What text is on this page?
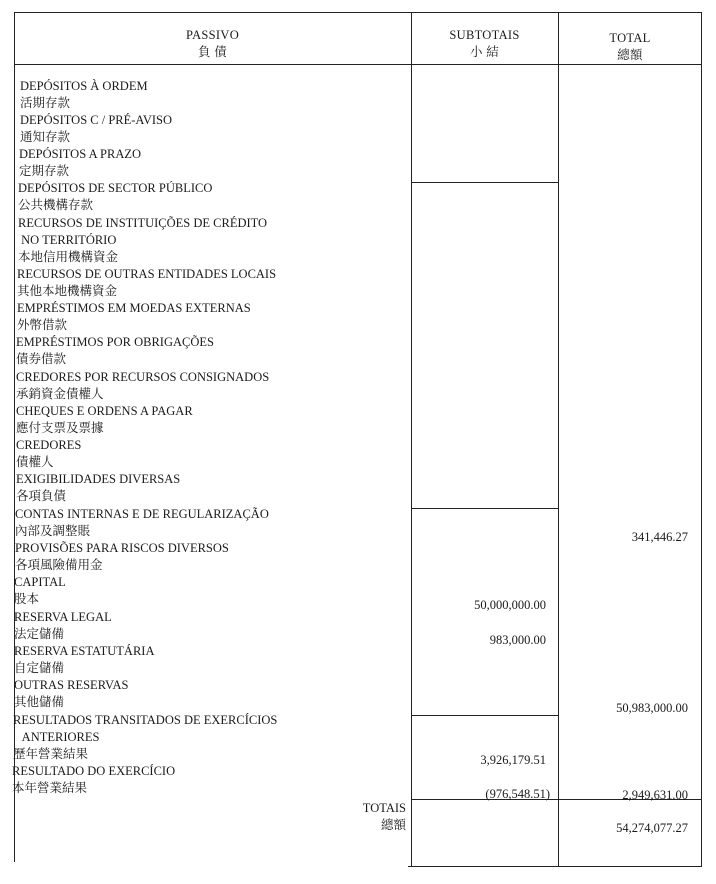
PASSIVO
負 債
SUBTOTAIS
小 結
TOTAL
總額
DEPÓSITOS À ORDEM
活期存款
DEPÓSITOS C / PRÉ-AVISO
通知存款
DEPÓSITOS A PRAZO
定期存款
DEPÓSITOS DE SECTOR PÚBLICO
公共機構存款
RECURSOS DE INSTITUIÇÕES DE CRÉDITO
NO TERRITÓRIO
本地信用機構資金
RECURSOS DE OUTRAS ENTIDADES LOCAIS
其他本地機構資金
EMPRÉSTIMOS EM MOEDAS EXTERNAS
外幣借款
EMPRÉSTIMOS POR OBRIGAÇÕES
債券借款
CREDORES POR RECURSOS CONSIGNADOS
承銷資金債權人
CHEQUES E ORDENS A PAGAR
應付支票及票據
CREDORES
債權人
EXIGIBILIDADES DIVERSAS
各項負債
CONTAS INTERNAS E DE REGULARIZAÇÃO
內部及調整賬
PROVISÕES PARA RISCOS DIVERSOS
各項風險備用金
CAPITAL
股本
RESERVA LEGAL
法定儲備
RESERVA ESTATUTÁRIA
自定儲備
OUTRAS RESERVAS
其他儲備
RESULTADOS TRANSITADOS DE EXERCÍCIOS
ANTERIORES
歷年營業結果
RESULTADO DO EXERCÍCIO
本年營業結果
341,446.27
50,000,000.00
983,000.00
50,983,000.00
3,926,179.51
(976,548.51)	2,949,631.00
TOTAIS
總額	54,274,077.27
